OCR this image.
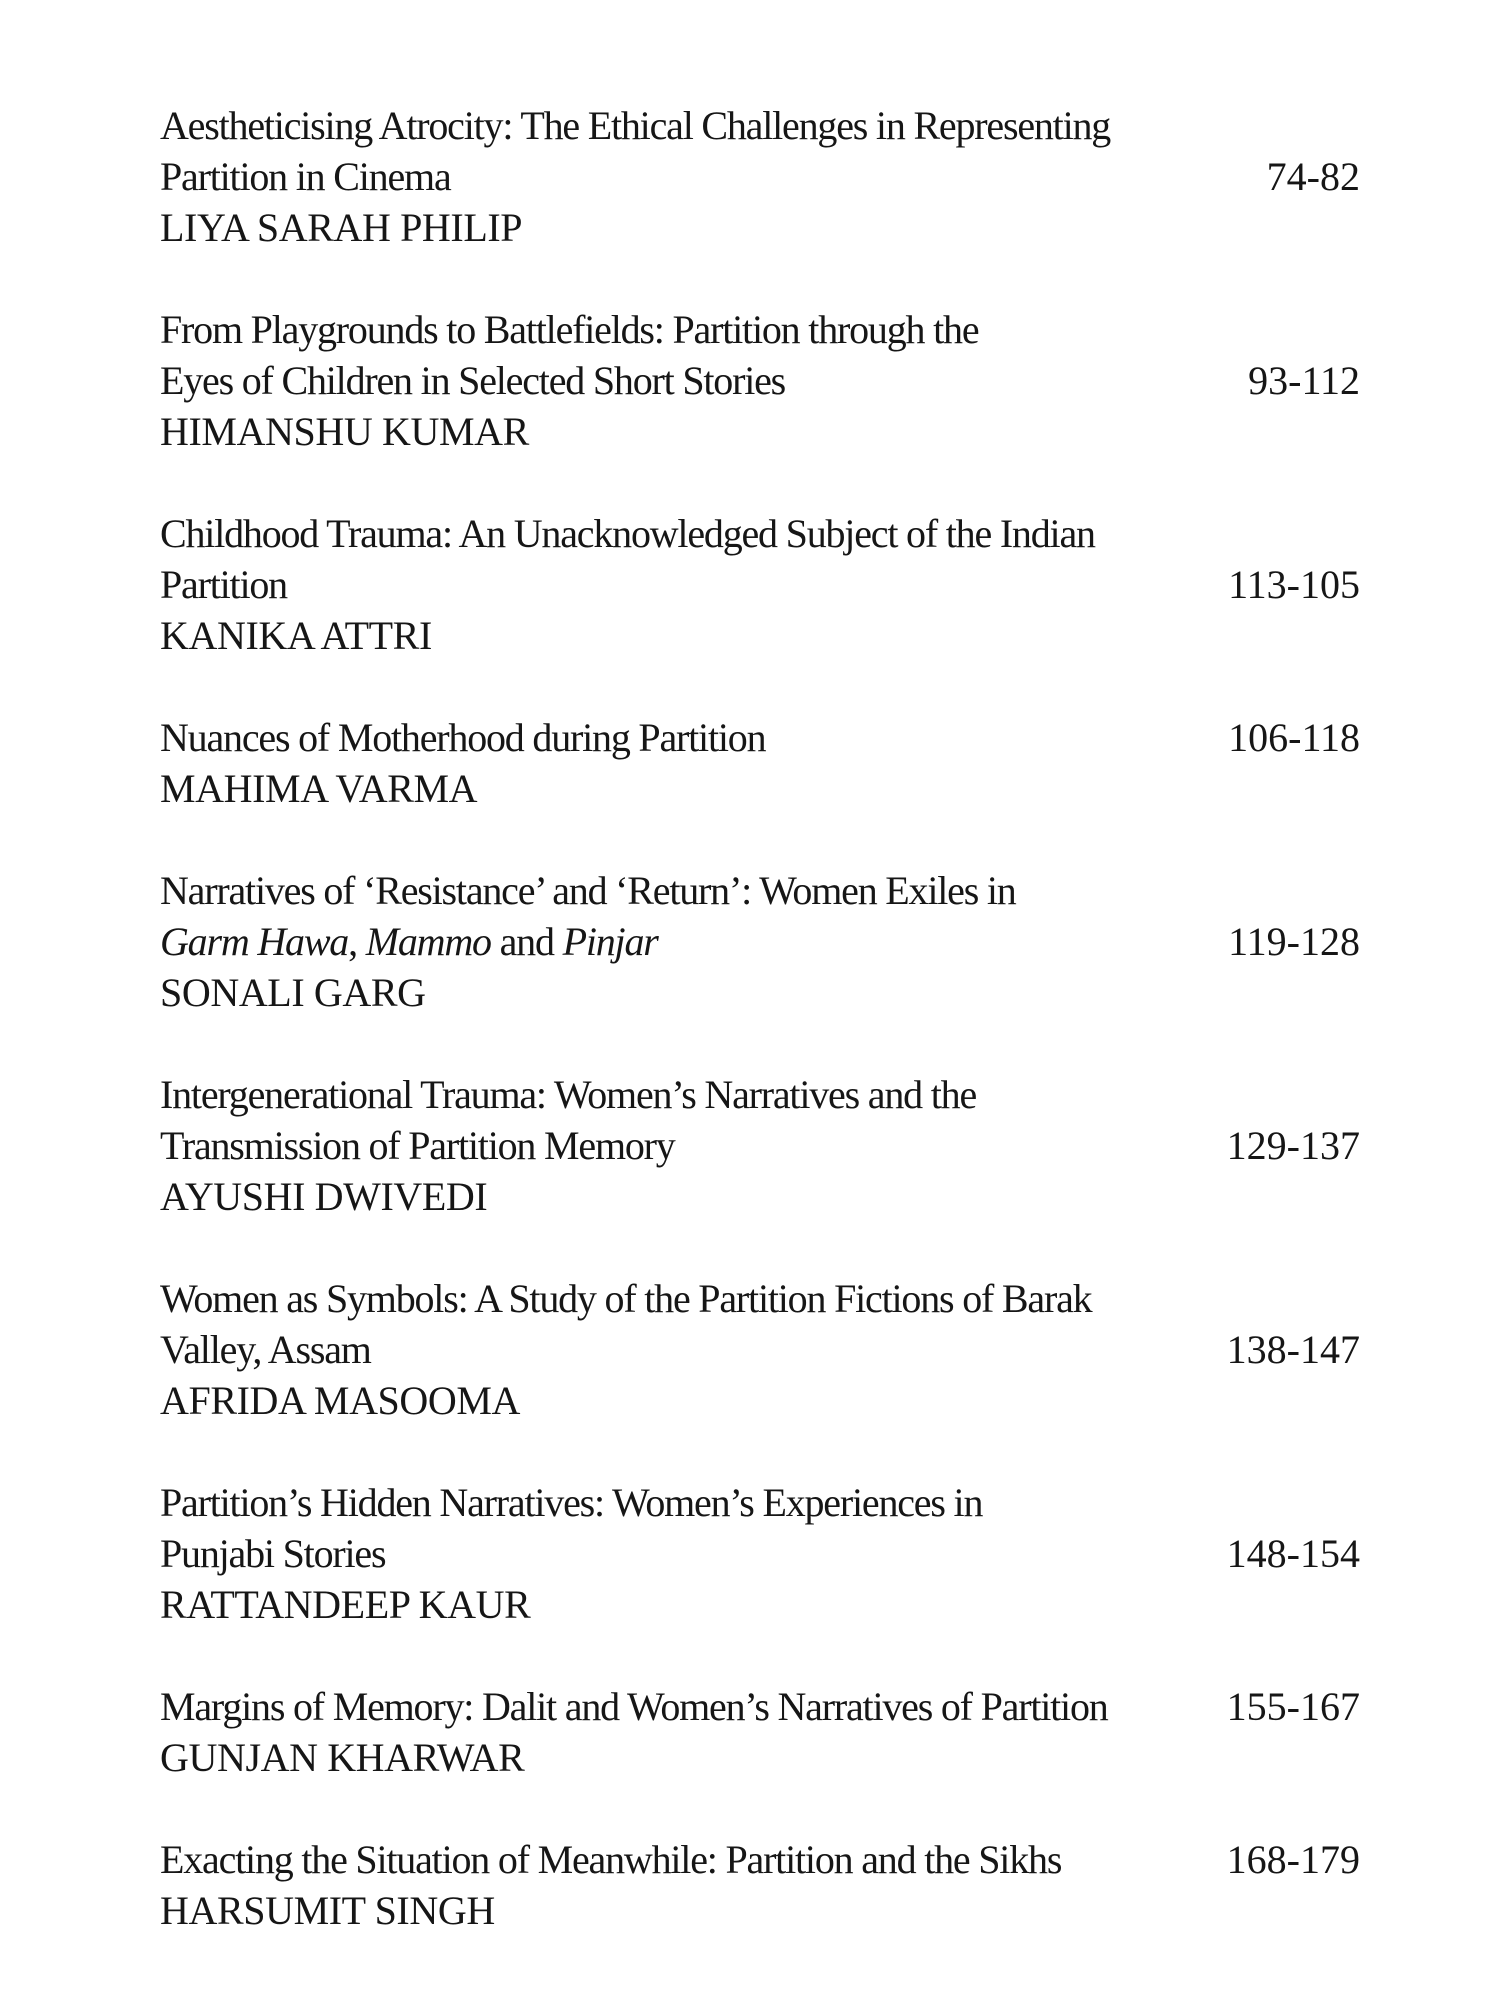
Aestheticising Atrocity: The Ethical Challenges in Representing
Partition in Cinema	74-82
LIYA SARAH PHILIP
From Playgrounds to Battlefields: Partition through the
Eyes of Children in Selected Short Stories	93-112
HIMANSHU KUMAR
Childhood Trauma: An Unacknowledged Subject of the Indian
Partition	113-105
KANIKA ATTRI
Nuances of Motherhood during Partition	106-118
MAHIMA VARMA
Narratives of ‘Resistance’ and ‘Return’: Women Exiles in
Garm Hawa, Mammo and Pinjar	119-128
SONALI GARG
Intergenerational Trauma: Women’s Narratives and the
Transmission of Partition Memory	129-137
AYUSHI DWIVEDI
Women as Symbols: A Study of the Partition Fictions of Barak
Valley, Assam	138-147
AFRIDA MASOOMA
Partition’s Hidden Narratives: Women’s Experiences in
Punjabi Stories	148-154
RATTANDEEP KAUR
Margins of Memory: Dalit and Women’s Narratives of Partition	155-167
GUNJAN KHARWAR
Exacting the Situation of Meanwhile: Partition and the Sikhs	168-179
HARSUMIT SINGH
